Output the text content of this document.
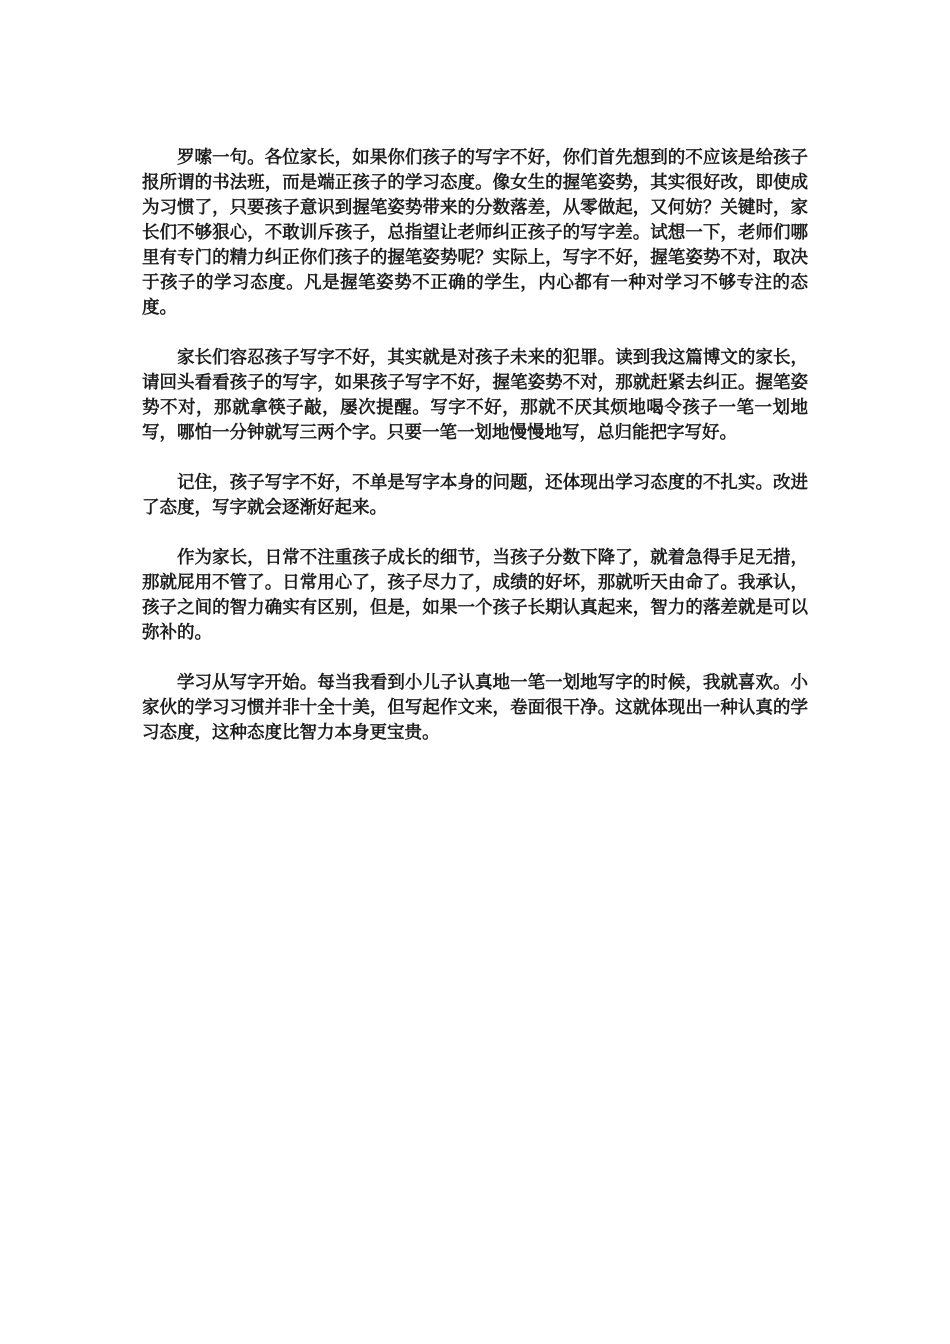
罗嗦一句。各位家长，如果你们孩子的写字不好，你们首先想到的不应该是给孩子报所谓的书法班，而是端正孩子的学习态度。像女生的握笔姿势，其实很好改，即使成为习惯了，只要孩子意识到握笔姿势带来的分数落差，从零做起，又何妨？关键时，家长们不够狠心，不敢训斥孩子，总指望让老师纠正孩子的写字差。试想一下，老师们哪里有专门的精力纠正你们孩子的握笔姿势呢？实际上，写字不好，握笔姿势不对，取决于孩子的学习态度。凡是握笔姿势不正确的学生，内心都有一种对学习不够专注的态度。

家长们容忍孩子写字不好，其实就是对孩子未来的犯罪。读到我这篇博文的家长，请回头看看孩子的写字，如果孩子写字不好，握笔姿势不对，那就赶紧去纠正。握笔姿势不对，那就拿筷子敲，屡次提醒。写字不好，那就不厌其烦地喝令孩子一笔一划地写，哪怕一分钟就写三两个字。只要一笔一划地慢慢地写，总归能把字写好。

记住，孩子写字不好，不单是写字本身的问题，还体现出学习态度的不扎实。改进了态度，写字就会逐渐好起来。

作为家长，日常不注重孩子成长的细节，当孩子分数下降了，就着急得手足无措，那就屁用不管了。日常用心了，孩子尽力了，成绩的好坏，那就听天由命了。我承认，孩子之间的智力确实有区别，但是，如果一个孩子长期认真起来，智力的落差就是可以弥补的。

学习从写字开始。每当我看到小儿子认真地一笔一划地写字的时候，我就喜欢。小家伙的学习习惯并非十全十美，但写起作文来，卷面很干净。这就体现出一种认真的学习态度，这种态度比智力本身更宝贵。
